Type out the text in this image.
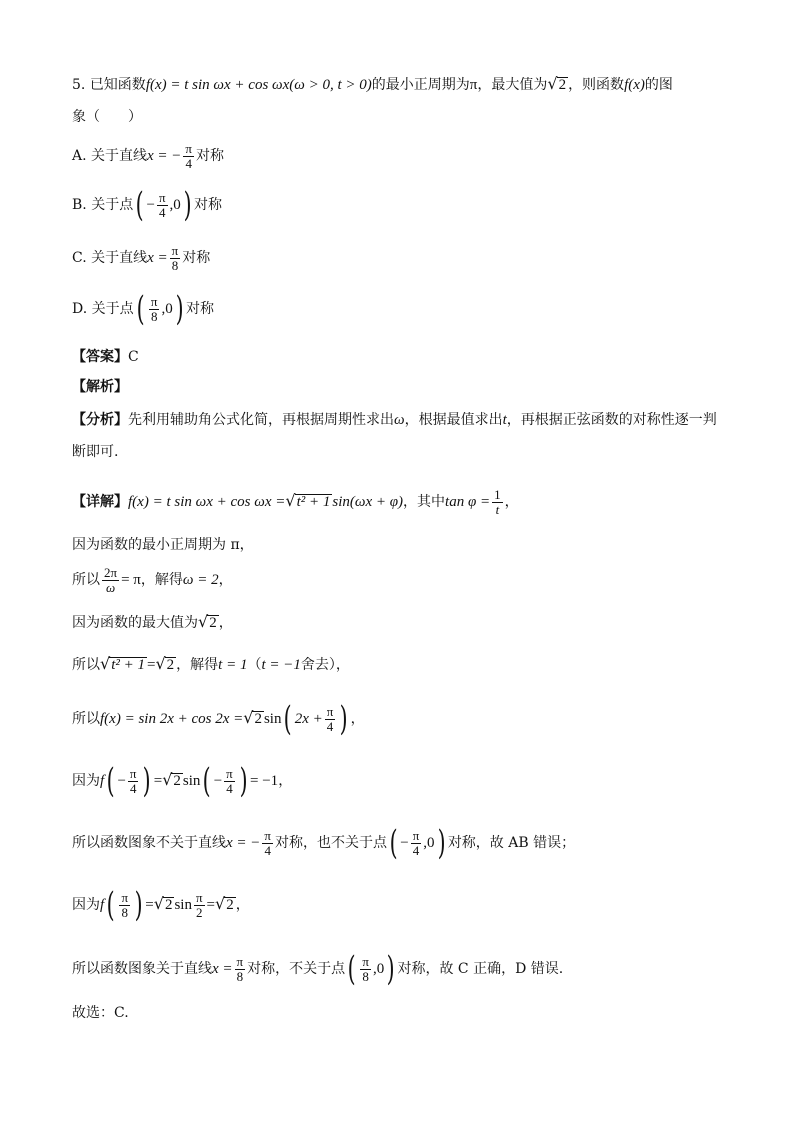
5. 已知函数f(x) = t sin ωx + cos ωx(ω > 0, t > 0)的最小正周期为π，最大值为√2 ，则函数f(x)的图
象（　　）
A. 关于直线x = − $\frac{\pi}{4}$ 对称
B. 关于点( − $\frac{\pi}{4} ,0$) 对称
C. 关于直线$x = \frac{\pi}{8}$ 对称
D. 关于点( $\frac{\pi}{8} ,0$) 对称
【答案】C
【解析】
【分析】先利用辅助角公式化简，再根据周期性求出ω，根据最值求出t，再根据正弦函数的对称性逐一判
断即可.
【详解】f(x) = t sin ωx + cos ωx =√t² + 1 sin(ωx + φ)，其中$\tan \varphi = \frac{1}{t}$ ，
因为函数的最小正周期为 π，
所以 $\frac{2\pi}{\omega} = \pi$，解得ω = 2，
因为函数的最大值为√2 ，
所以√t² + 1 =√2 ，解得t = 1（t = −1舍去），
所以f(x) = sin 2x + cos 2x =√2 sin( $2x + \frac{\pi}{4}$ ) ，
因为$f( - \frac{\pi}{4}$ ) =√2 $\sin( - \frac{\pi}{4}$ ) = −1，
所以函数图象不关于直线x = − $\frac{\pi}{4}$ 对称，也不关于点( − $\frac{\pi}{4} ,0$) 对称，故 AB 错误；
因为$f( \frac{\pi}{8}$ ) =√2 $\sin \frac{\pi}{2} =√2$ ，
所以函数图象关于直线$x = \frac{\pi}{8}$ 对称，不关于点( $\frac{\pi}{8} ,0$) 对称，故 C 正确，D 错误.
故选：C.
